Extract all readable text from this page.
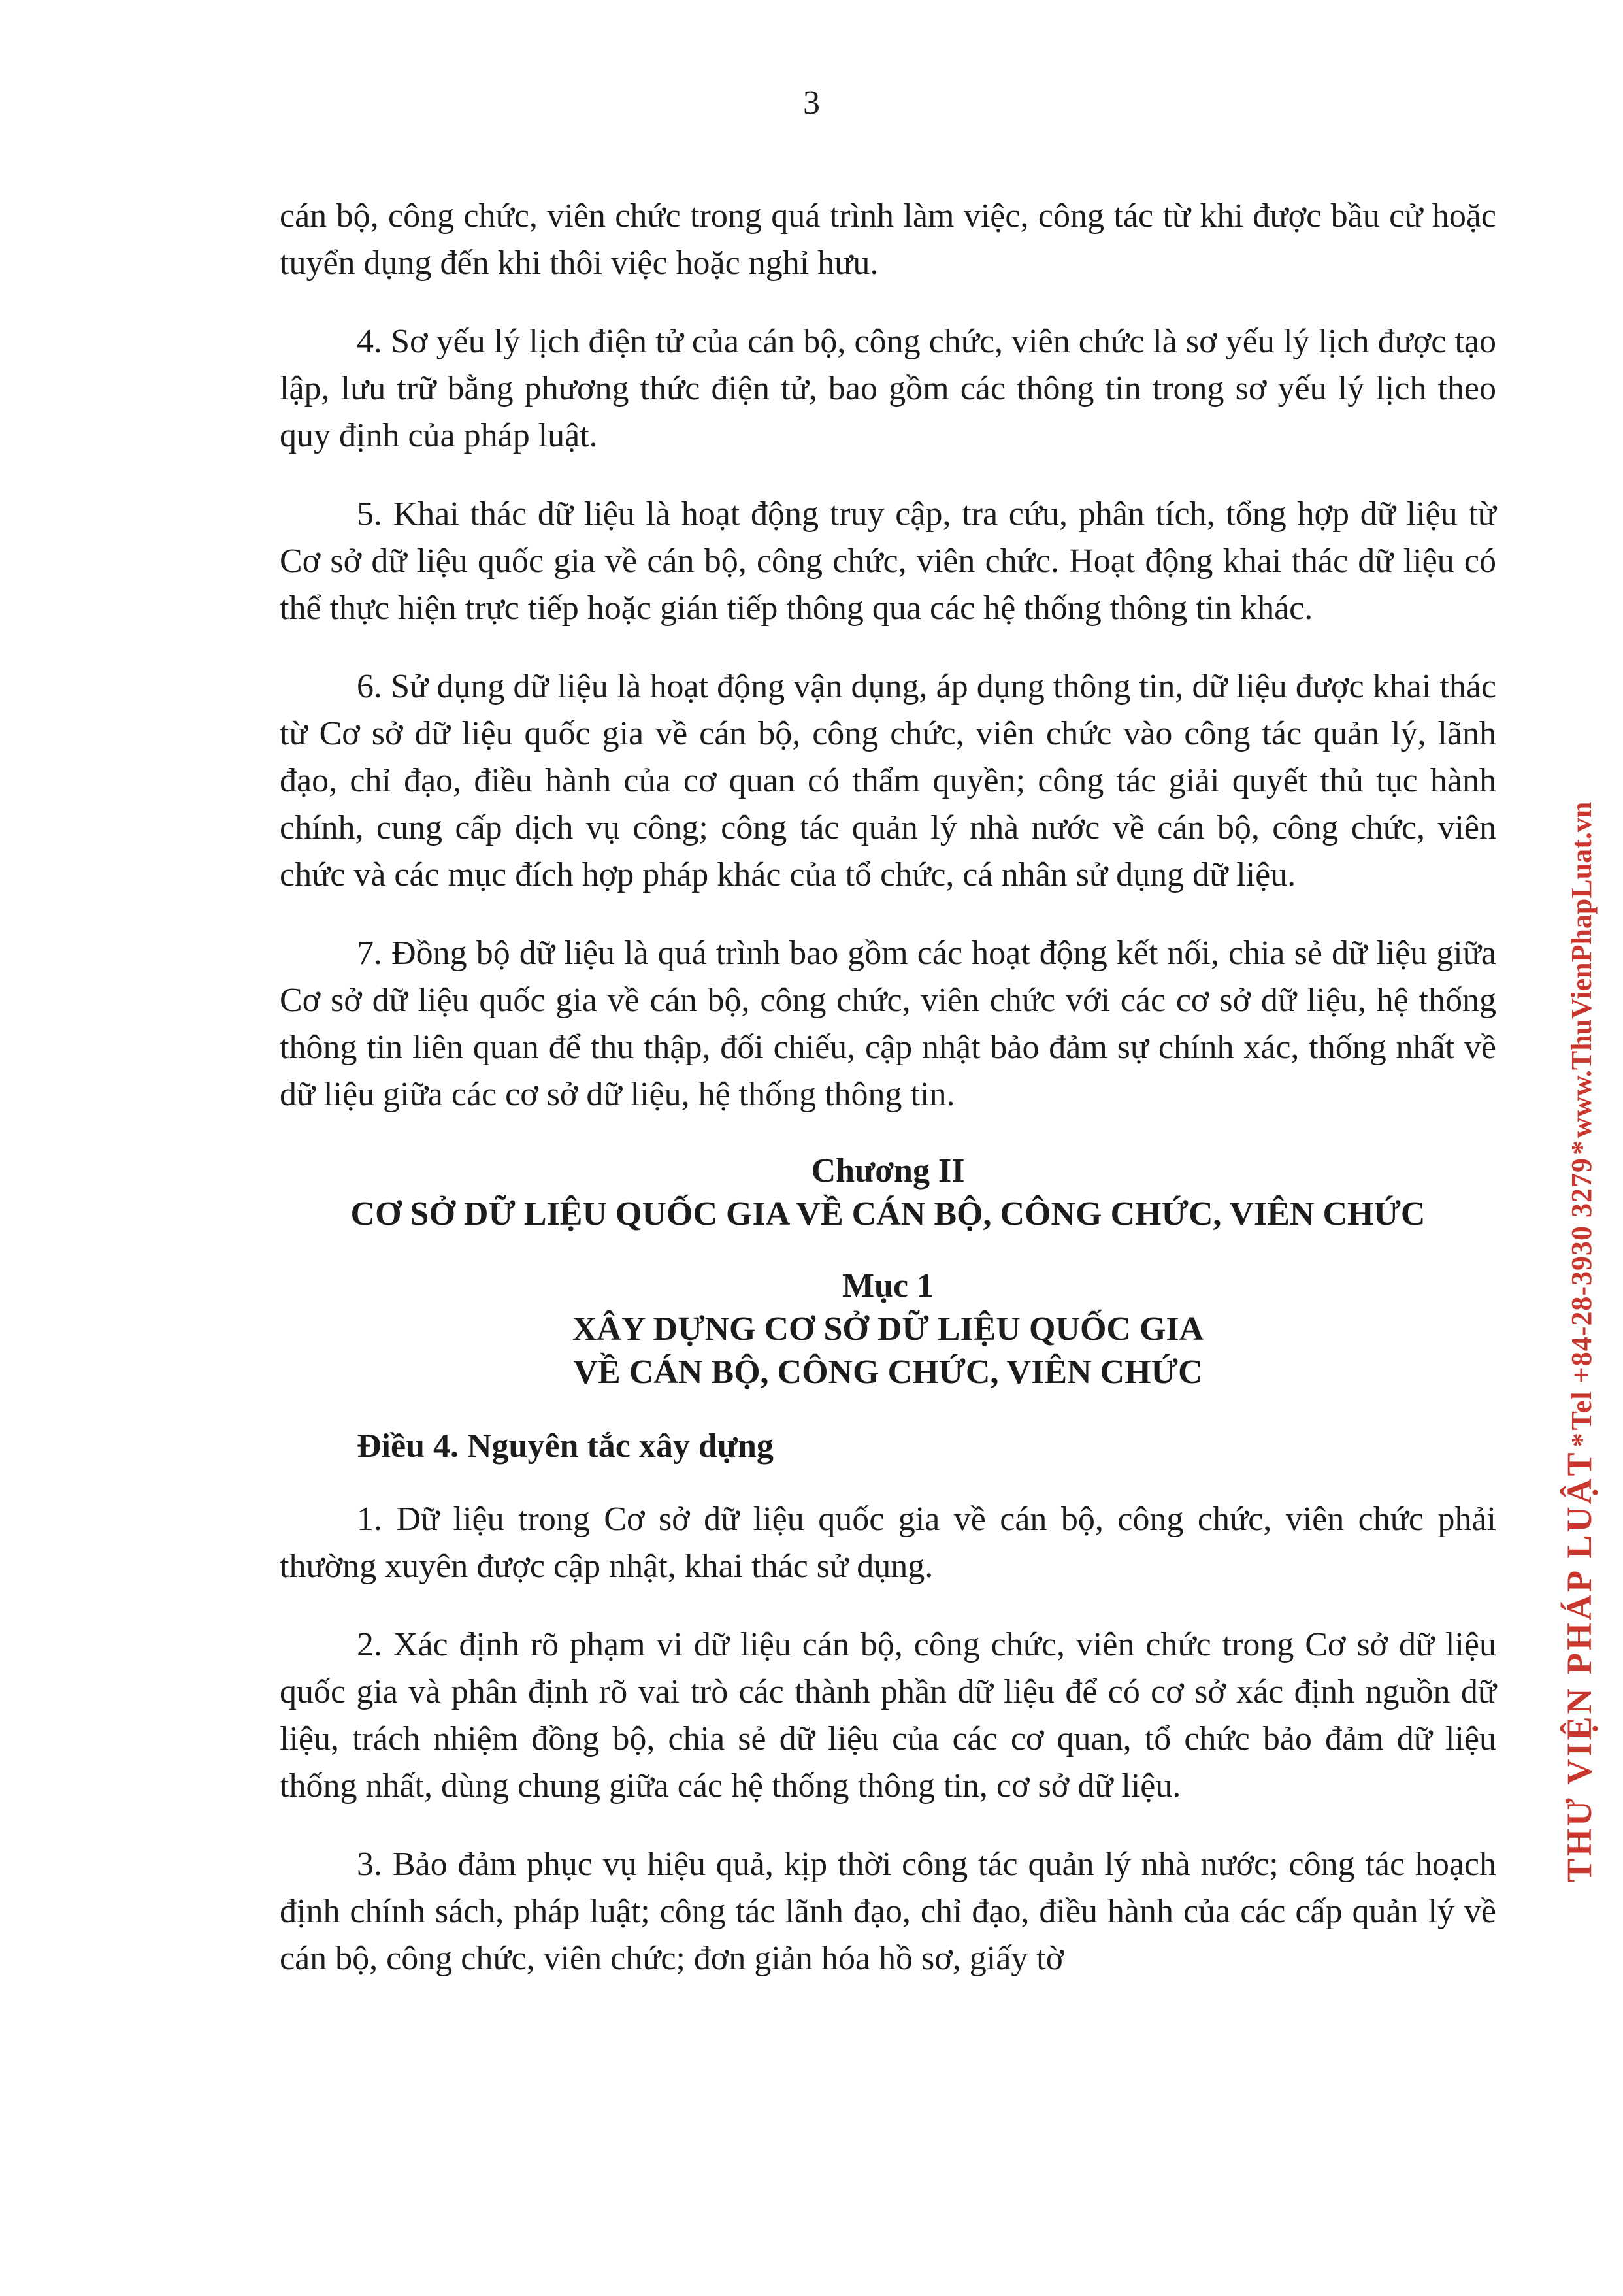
3

cán bộ, công chức, viên chức trong quá trình làm việc, công tác từ khi được bầu cử hoặc tuyển dụng đến khi thôi việc hoặc nghỉ hưu.

4. Sơ yếu lý lịch điện tử của cán bộ, công chức, viên chức là sơ yếu lý lịch được tạo lập, lưu trữ bằng phương thức điện tử, bao gồm các thông tin trong sơ yếu lý lịch theo quy định của pháp luật.

5. Khai thác dữ liệu là hoạt động truy cập, tra cứu, phân tích, tổng hợp dữ liệu từ Cơ sở dữ liệu quốc gia về cán bộ, công chức, viên chức. Hoạt động khai thác dữ liệu có thể thực hiện trực tiếp hoặc gián tiếp thông qua các hệ thống thông tin khác.

6. Sử dụng dữ liệu là hoạt động vận dụng, áp dụng thông tin, dữ liệu được khai thác từ Cơ sở dữ liệu quốc gia về cán bộ, công chức, viên chức vào công tác quản lý, lãnh đạo, chỉ đạo, điều hành của cơ quan có thẩm quyền; công tác giải quyết thủ tục hành chính, cung cấp dịch vụ công; công tác quản lý nhà nước về cán bộ, công chức, viên chức và các mục đích hợp pháp khác của tổ chức, cá nhân sử dụng dữ liệu.

7. Đồng bộ dữ liệu là quá trình bao gồm các hoạt động kết nối, chia sẻ dữ liệu giữa Cơ sở dữ liệu quốc gia về cán bộ, công chức, viên chức với các cơ sở dữ liệu, hệ thống thông tin liên quan để thu thập, đối chiếu, cập nhật bảo đảm sự chính xác, thống nhất về dữ liệu giữa các cơ sở dữ liệu, hệ thống thông tin.

Chương II
CƠ SỞ DỮ LIỆU QUỐC GIA VỀ CÁN BỘ, CÔNG CHỨC, VIÊN CHỨC
Mục 1
XÂY DỰNG CƠ SỞ DỮ LIỆU QUỐC GIA
VỀ CÁN BỘ, CÔNG CHỨC, VIÊN CHỨC
Điều 4. Nguyên tắc xây dựng

1. Dữ liệu trong Cơ sở dữ liệu quốc gia về cán bộ, công chức, viên chức phải thường xuyên được cập nhật, khai thác sử dụng.

2. Xác định rõ phạm vi dữ liệu cán bộ, công chức, viên chức trong Cơ sở dữ liệu quốc gia và phân định rõ vai trò các thành phần dữ liệu để có cơ sở xác định nguồn dữ liệu, trách nhiệm đồng bộ, chia sẻ dữ liệu của các cơ quan, tổ chức bảo đảm dữ liệu thống nhất, dùng chung giữa các hệ thống thông tin, cơ sở dữ liệu.

3. Bảo đảm phục vụ hiệu quả, kịp thời công tác quản lý nhà nước; công tác hoạch định chính sách, pháp luật; công tác lãnh đạo, chỉ đạo, điều hành của các cấp quản lý về cán bộ, công chức, viên chức; đơn giản hóa hồ sơ, giấy tờ

THƯ VIỆN PHÁP LUẬT * Tel +84-28-3930 3279 * www.ThuVienPhapLuat.vn
